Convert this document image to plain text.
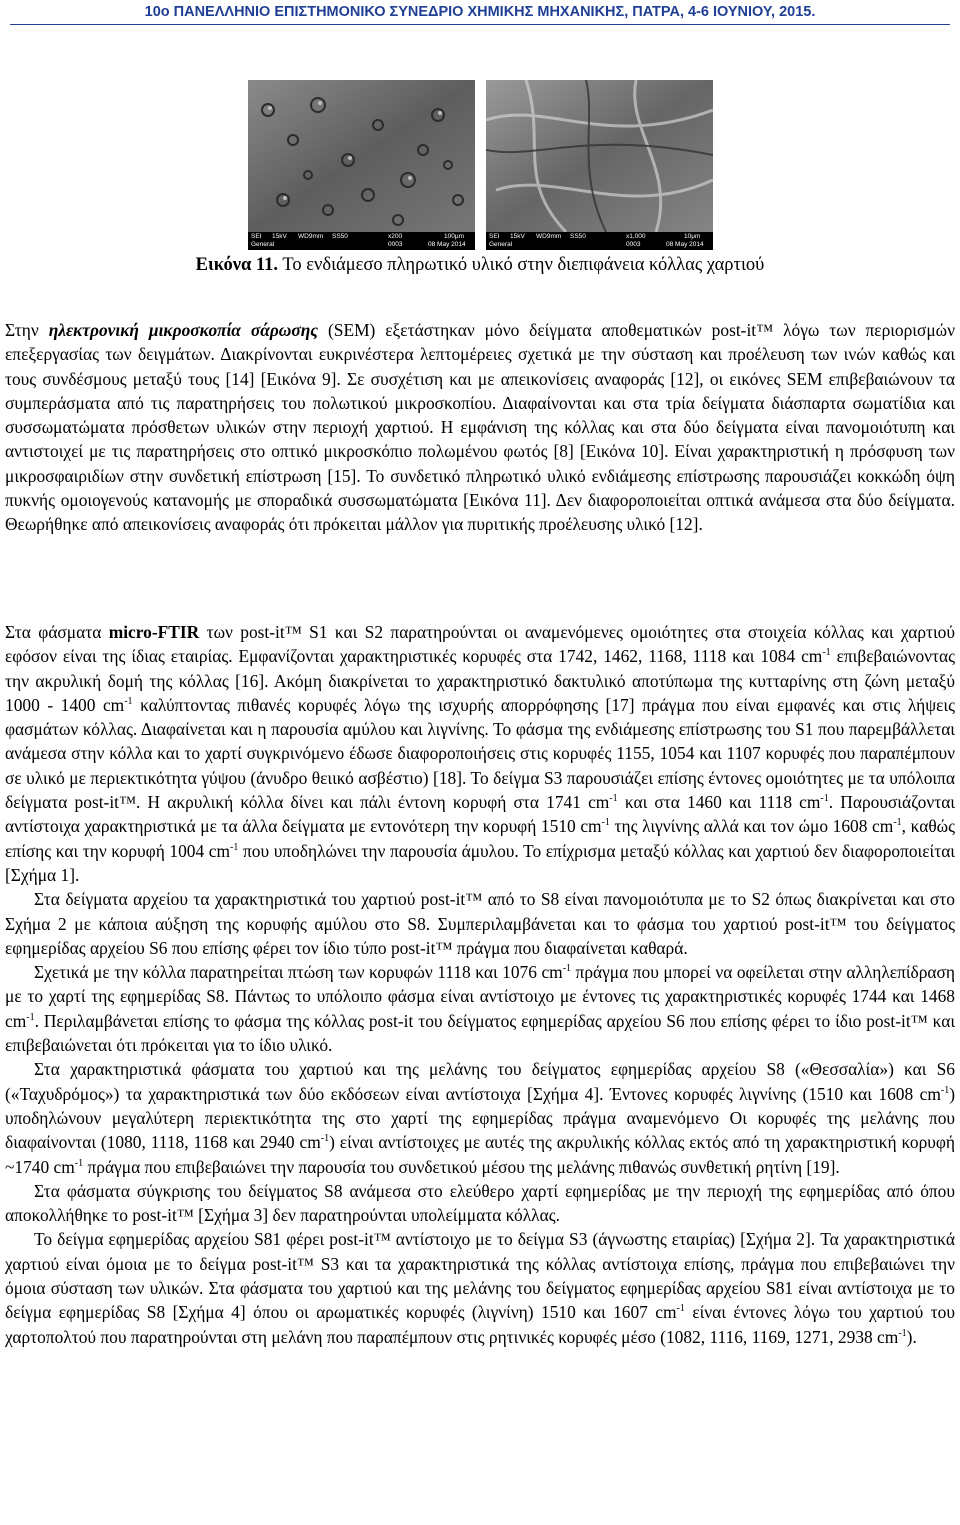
10ο ΠΑΝΕΛΛΗΝΙΟ ΕΠΙΣΤΗΜΟΝΙΚΟ ΣΥΝΕΔΡΙΟ ΧΗΜΙΚΗΣ ΜΗΧΑΝΙΚΗΣ, ΠΑΤΡΑ, 4-6 ΙΟΥΝΙΟΥ, 2015.
SEI 15kV WD9mm SS50	x200	100μm
General	0003	08 May 2014
SEI 15kV WD9mm SS50	x1,000	10μm
General	0003	08 May 2014
Εικόνα 11. Το ενδιάμεσο πληρωτικό υλικό στην διεπιφάνεια κόλλας χαρτιού

Στην ηλεκτρονική μικροσκοπία σάρωσης (SEM) εξετάστηκαν μόνο δείγματα αποθεματικών post-it™ λόγω των περιορισμών επεξεργασίας των δειγμάτων. Διακρίνονται ευκρινέστερα λεπτομέρειες σχετικά με την σύσταση και προέλευση των ινών καθώς και τους συνδέσμους μεταξύ τους [14] [Εικόνα 9]. Σε συσχέτιση και με απεικονίσεις αναφοράς [12], οι εικόνες SEM επιβεβαιώνουν τα συμπεράσματα από τις παρατηρήσεις του πολωτικού μικροσκοπίου. Διαφαίνονται και στα τρία δείγματα διάσπαρτα σωματίδια και συσσωματώματα πρόσθετων υλικών στην περιοχή χαρτιού. Η εμφάνιση της κόλλας και στα δύο δείγματα είναι πανομοιότυπη και αντιστοιχεί με τις παρατηρήσεις στο οπτικό μικροσκόπιο πολωμένου φωτός [8] [Εικόνα 10]. Είναι χαρακτηριστική η πρόσφυση των μικροσφαιριδίων στην συνδετική επίστρωση [15]. Το συνδετικό πληρωτικό υλικό ενδιάμεσης επίστρωσης παρουσιάζει κοκκώδη όψη πυκνής ομοιογενούς κατανομής με σποραδικά συσσωματώματα [Εικόνα 11]. Δεν διαφοροποιείται οπτικά ανάμεσα στα δύο δείγματα. Θεωρήθηκε από απεικονίσεις αναφοράς ότι πρόκειται μάλλον για πυριτικής προέλευσης υλικό [12].

Στα φάσματα micro-FTIR των post-it™ S1 και S2 παρατηρούνται οι αναμενόμενες ομοιότητες στα στοιχεία κόλλας και χαρτιού εφόσον είναι της ίδιας εταιρίας. Εμφανίζονται χαρακτηριστικές κορυφές στα 1742, 1462, 1168, 1118 και 1084 $cm^{-1}$ επιβεβαιώνοντας την ακρυλική δομή της κόλλας [16]. Ακόμη διακρίνεται το χαρακτηριστικό δακτυλικό αποτύπωμα της κυτταρίνης στη ζώνη μεταξύ 1000 - 1400 $cm^{-1}$ καλύπτοντας πιθανές κορυφές λόγω της ισχυρής απορρόφησης [17] πράγμα που είναι εμφανές και στις λήψεις φασμάτων κόλλας. Διαφαίνεται και η παρουσία αμύλου και λιγνίνης. Το φάσμα της ενδιάμεσης επίστρωσης του S1 που παρεμβάλλεται ανάμεσα στην κόλλα και το χαρτί συγκρινόμενο έδωσε διαφοροποιήσεις στις κορυφές 1155, 1054 και 1107 κορυφές που παραπέμπουν σε υλικό με περιεκτικότητα γύψου (άνυδρο θειικό ασβέστιο) [18]. Το δείγμα S3 παρουσιάζει επίσης έντονες ομοιότητες με τα υπόλοιπα δείγματα post-it™. Η ακρυλική κόλλα δίνει και πάλι έντονη κορυφή στα 1741 $cm^{-1}$ και στα 1460 και 1118 $cm^{-1}$. Παρουσιάζονται αντίστοιχα χαρακτηριστικά με τα άλλα δείγματα με εντονότερη την κορυφή 1510 $cm^{-1}$ της λιγνίνης αλλά και τον ώμο 1608 $cm^{-1}$, καθώς επίσης και την κορυφή 1004 $cm^{-1}$ που υποδηλώνει την παρουσία άμυλου. Το επίχρισμα μεταξύ κόλλας και χαρτιού δεν διαφοροποιείται [Σχήμα 1].

Στα δείγματα αρχείου τα χαρακτηριστικά του χαρτιού post-it™ από το S8 είναι πανομοιότυπα με το S2 όπως διακρίνεται και στο Σχήμα 2 με κάποια αύξηση της κορυφής αμύλου στο S8. Συμπεριλαμβάνεται και το φάσμα του χαρτιού post-it™ του δείγματος εφημερίδας αρχείου S6 που επίσης φέρει τον ίδιο τύπο post-it™ πράγμα που διαφαίνεται καθαρά.

Σχετικά με την κόλλα παρατηρείται πτώση των κορυφών 1118 και 1076 $cm^{-1}$ πράγμα που μπορεί να οφείλεται στην αλληλεπίδραση με το χαρτί της εφημερίδας S8. Πάντως το υπόλοιπο φάσμα είναι αντίστοιχο με έντονες τις χαρακτηριστικές κορυφές 1744 και 1468 $cm^{-1}$. Περιλαμβάνεται επίσης το φάσμα της κόλλας post-it του δείγματος εφημερίδας αρχείου S6 που επίσης φέρει το ίδιο post-it™ και επιβεβαιώνεται ότι πρόκειται για το ίδιο υλικό.

Στα χαρακτηριστικά φάσματα του χαρτιού και της μελάνης του δείγματος εφημερίδας αρχείου S8 («Θεσσαλία») και S6 («Ταχυδρόμος») τα χαρακτηριστικά των δύο εκδόσεων είναι αντίστοιχα [Σχήμα 4]. Έντονες κορυφές λιγνίνης (1510 και 1608 $cm^{-1}$) υποδηλώνουν μεγαλύτερη περιεκτικότητα της στο χαρτί της εφημερίδας πράγμα αναμενόμενο Οι κορυφές της μελάνης που διαφαίνονται (1080, 1118, 1168 και 2940 $cm^{-1}$) είναι αντίστοιχες με αυτές της ακρυλικής κόλλας εκτός από τη χαρακτηριστική κορυφή ~1740 $cm^{-1}$ πράγμα που επιβεβαιώνει την παρουσία του συνδετικού μέσου της μελάνης πιθανώς συνθετική ρητίνη [19].

Στα φάσματα σύγκρισης του δείγματος S8 ανάμεσα στο ελεύθερο χαρτί εφημερίδας με την περιοχή της εφημερίδας από όπου αποκολλήθηκε το post-it™ [Σχήμα 3] δεν παρατηρούνται υπολείμματα κόλλας.

Το δείγμα εφημερίδας αρχείου S81 φέρει post-it™ αντίστοιχο με το δείγμα S3 (άγνωστης εταιρίας) [Σχήμα 2]. Τα χαρακτηριστικά χαρτιού είναι όμοια με το δείγμα post-it™ S3 και τα χαρακτηριστικά της κόλλας αντίστοιχα επίσης, πράγμα που επιβεβαιώνει την όμοια σύσταση των υλικών. Στα φάσματα του χαρτιού και της μελάνης του δείγματος εφημερίδας αρχείου S81 είναι αντίστοιχα με το δείγμα εφημερίδας S8 [Σχήμα 4] όπου οι αρωματικές κορυφές (λιγνίνη) 1510 και 1607 $cm^{-1}$ είναι έντονες λόγω του χαρτιού του χαρτοπολτού που παρατηρούνται στη μελάνη που παραπέμπουν στις ρητινικές κορυφές μέσο (1082, 1116, 1169, 1271, 2938 $cm^{-1}$).
